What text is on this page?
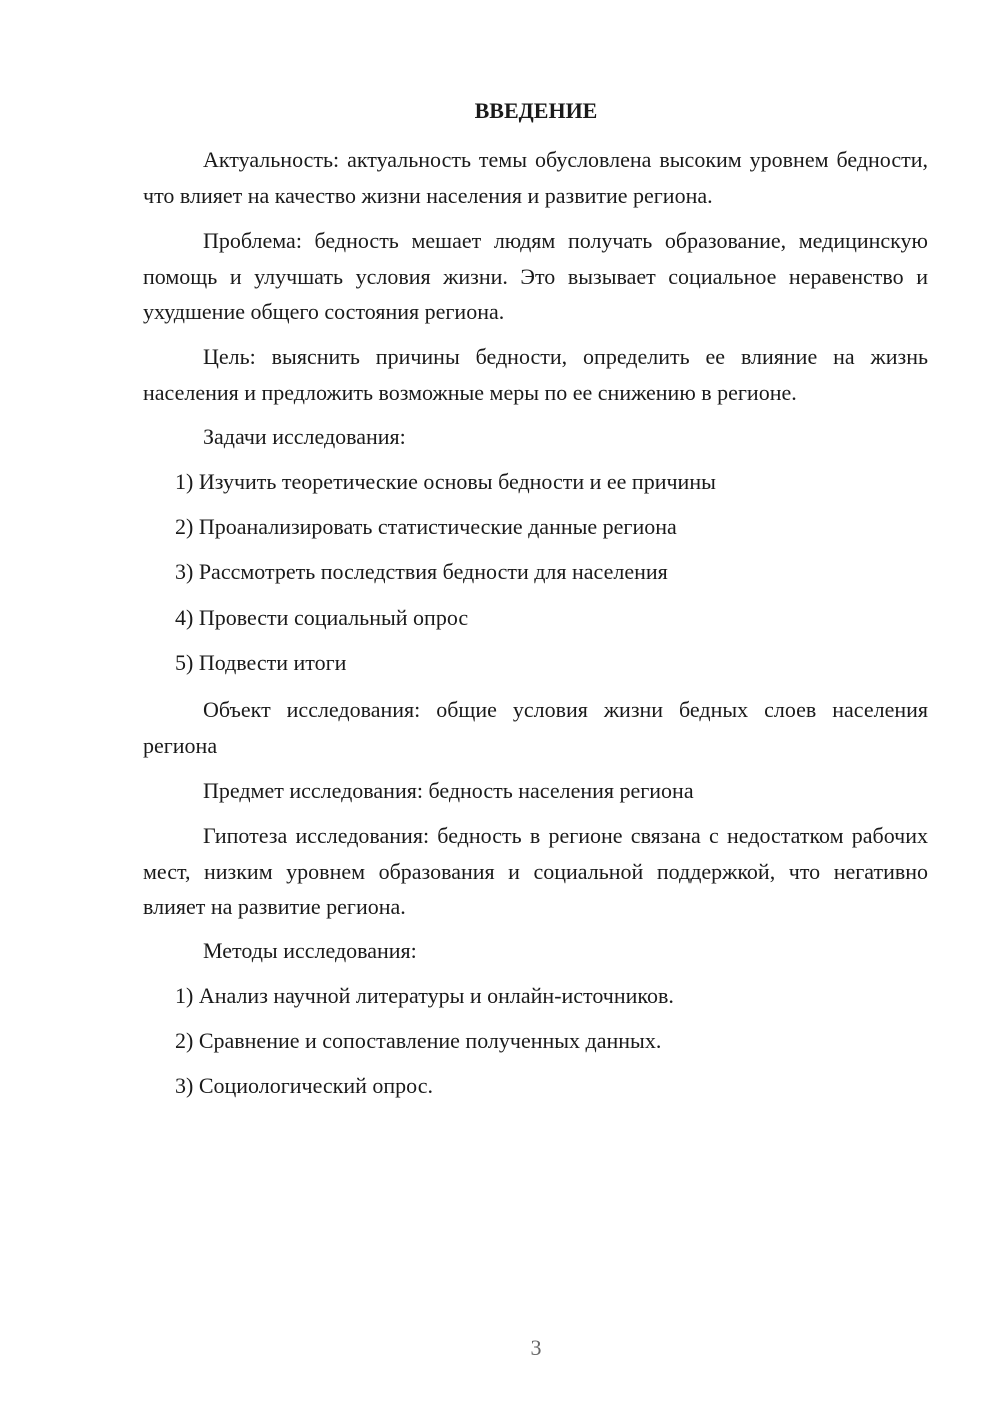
ВВЕДЕНИЕ

Актуальность: актуальность темы обусловлена высоким уровнем бедности, что влияет на качество жизни населения и развитие региона.

Проблема: бедность мешает людям получать образование, медицинскую помощь и улучшать условия жизни. Это вызывает социальное неравенство и ухудшение общего состояния региона.

Цель: выяснить причины бедности, определить ее влияние на жизнь населения и предложить возможные меры по ее снижению в регионе.

Задачи исследования:
1) Изучить теоретические основы бедности и ее причины
2) Проанализировать статистические данные региона
3) Рассмотреть последствия бедности для населения
4) Провести социальный опрос
5) Подвести итоги

Объект исследования: общие условия жизни бедных слоев населения региона

Предмет исследования: бедность населения региона

Гипотеза исследования: бедность в регионе связана с недостатком рабочих мест, низким уровнем образования и социальной поддержкой, что негативно влияет на развитие региона.

Методы исследования:
1) Анализ научной литературы и онлайн-источников.
2) Сравнение и сопоставление полученных данных.
3) Социологический опрос.
3
